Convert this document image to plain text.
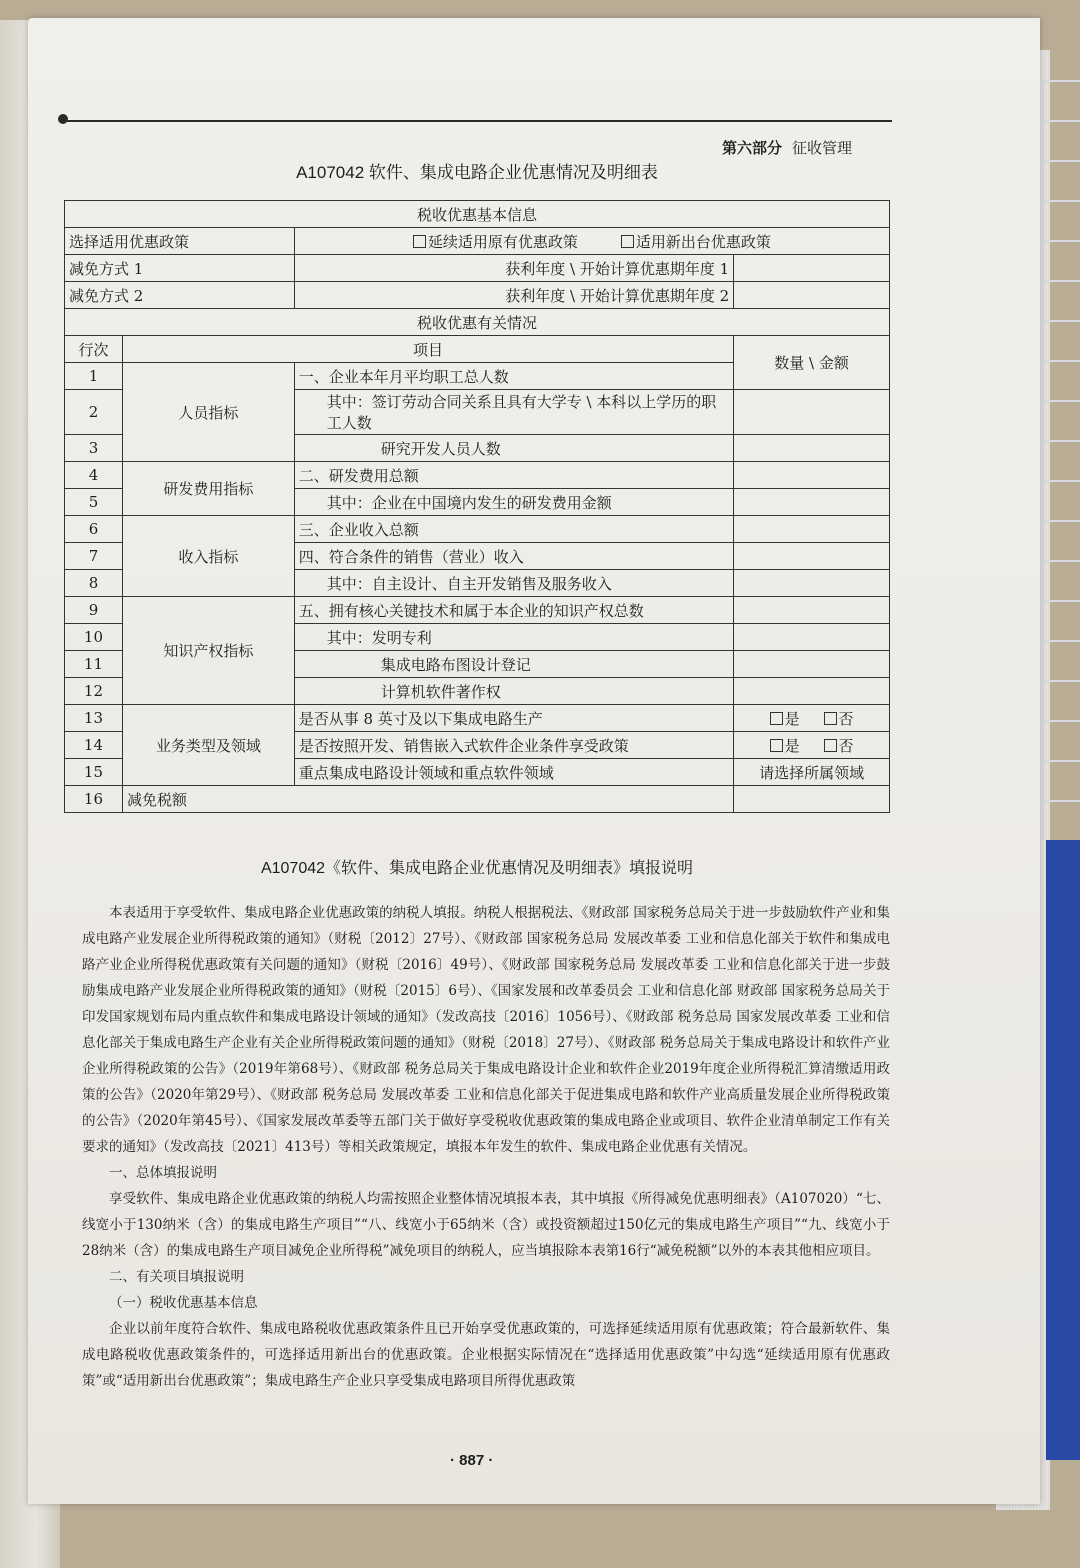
第六部分 征收管理
A107042 软件、集成电路企业优惠情况及明细表
税收优惠基本信息			
选择适用优惠政策		延续适用原有优惠政策 适用新出台优惠政策	
减免方式 1		获利年度 \ 开始计算优惠期年度 1	
减免方式 2		获利年度 \ 开始计算优惠期年度 2	
税收优惠有关情况			
行次	项目		数量 \ 金额
1	人员指标	一、企业本年月平均职工总人数	
2		其中：签订劳动合同关系且具有大学专 \ 本科以上学历的职工人数	
3		研究开发人员人数	
4	研发费用指标	二、研发费用总额	
5		其中：企业在中国境内发生的研发费用金额	
6	收入指标	三、企业收入总额	
7		四、符合条件的销售（营业）收入	
8		其中：自主设计、自主开发销售及服务收入	
9	知识产权指标	五、拥有核心关键技术和属于本企业的知识产权总数	
10		其中：发明专利	
11		集成电路布图设计登记	
12		计算机软件著作权	
13	业务类型及领域	是否从事 8 英寸及以下集成电路生产	是 否
14		是否按照开发、销售嵌入式软件企业条件享受政策	是 否
15		重点集成电路设计领域和重点软件领域	请选择所属领域
16	减免税额		
A107042《软件、集成电路企业优惠情况及明细表》填报说明

本表适用于享受软件、集成电路企业优惠政策的纳税人填报。纳税人根据税法、《财政部 国家税务总局关于进一步鼓励软件产业和集成电路产业发展企业所得税政策的通知》（财税〔2012〕27号）、《财政部 国家税务总局 发展改革委 工业和信息化部关于软件和集成电路产业企业所得税优惠政策有关问题的通知》（财税〔2016〕49号）、《财政部 国家税务总局 发展改革委 工业和信息化部关于进一步鼓励集成电路产业发展企业所得税政策的通知》（财税〔2015〕6号）、《国家发展和改革委员会 工业和信息化部 财政部 国家税务总局关于印发国家规划布局内重点软件和集成电路设计领域的通知》（发改高技〔2016〕1056号）、《财政部 税务总局 国家发展改革委 工业和信息化部关于集成电路生产企业有关企业所得税政策问题的通知》（财税〔2018〕27号）、《财政部 税务总局关于集成电路设计和软件产业企业所得税政策的公告》（2019年第68号）、《财政部 税务总局关于集成电路设计企业和软件企业2019年度企业所得税汇算清缴适用政策的公告》（2020年第29号）、《财政部 税务总局 发展改革委 工业和信息化部关于促进集成电路和软件产业高质量发展企业所得税政策的公告》（2020年第45号）、《国家发展改革委等五部门关于做好享受税收优惠政策的集成电路企业或项目、软件企业清单制定工作有关要求的通知》（发改高技〔2021〕413号）等相关政策规定，填报本年发生的软件、集成电路企业优惠有关情况。

一、总体填报说明

享受软件、集成电路企业优惠政策的纳税人均需按照企业整体情况填报本表，其中填报《所得减免优惠明细表》（A107020）“七、线宽小于130纳米（含）的集成电路生产项目”“八、线宽小于65纳米（含）或投资额超过150亿元的集成电路生产项目”“九、线宽小于28纳米（含）的集成电路生产项目减免企业所得税”减免项目的纳税人，应当填报除本表第16行“减免税额”以外的本表其他相应项目。

二、有关项目填报说明

（一）税收优惠基本信息

企业以前年度符合软件、集成电路税收优惠政策条件且已开始享受优惠政策的，可选择延续适用原有优惠政策；符合最新软件、集成电路税收优惠政策条件的，可选择适用新出台的优惠政策。企业根据实际情况在“选择适用优惠政策”中勾选“延续适用原有优惠政策”或“适用新出台优惠政策”；集成电路生产企业只享受集成电路项目所得优惠政策

· 887 ·
